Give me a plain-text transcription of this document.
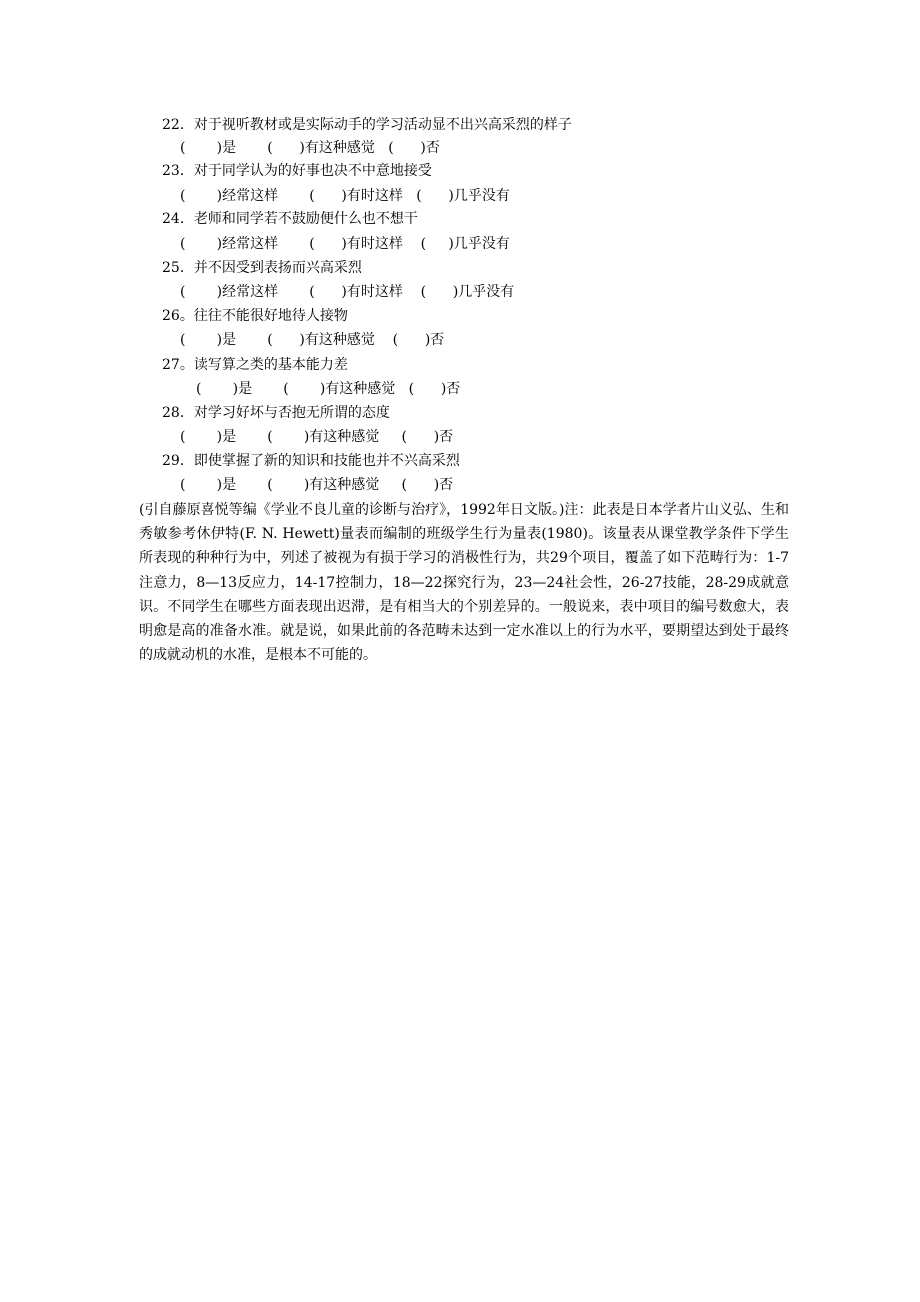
22．对于视听教材或是实际动手的学习活动显不出兴高采烈的样子
(       )是       (      )有这种感觉   (      )否
23．对于同学认为的好事也决不中意地接受
(       )经常这样       (      )有时这样   (      )几乎没有
24．老师和同学若不鼓励便什么也不想干
(       )经常这样       (      )有时这样    (     )几乎没有
25．并不因受到表扬而兴高采烈
(       )经常这样       (      )有时这样    (      )几乎没有
26。往往不能很好地待人接物
(       )是       (      )有这种感觉    (      )否
27。读写算之类的基本能力差
(       )是       (       )有这种感觉   (      )否
28．对学习好坏与否抱无所谓的态度
(       )是       (       )有这种感觉     (      )否
29．即使掌握了新的知识和技能也并不兴高采烈
(       )是       (       )有这种感觉     (      )否

(引自藤原喜悦等编《学业不良儿童的诊断与治疗》，1992年日文版。)注：此表是日本学者片山义弘、生和秀敏参考休伊特(F. N. Hewett)量表而编制的班级学生行为量表(1980)。该量表从课堂教学条件下学生所表现的种种行为中，列述了被视为有损于学习的消极性行为，共29个项目，覆盖了如下范畴行为：1-7注意力，8—13反应力，14-17控制力，18—22探究行为，23—24社会性，26-27技能，28-29成就意识。不同学生在哪些方面表现出迟滞，是有相当大的个别差异的。一般说来，表中项目的编号数愈大，表明愈是高的准备水准。就是说，如果此前的各范畴未达到一定水准以上的行为水平，要期望达到处于最终的成就动机的水准，是根本不可能的。
